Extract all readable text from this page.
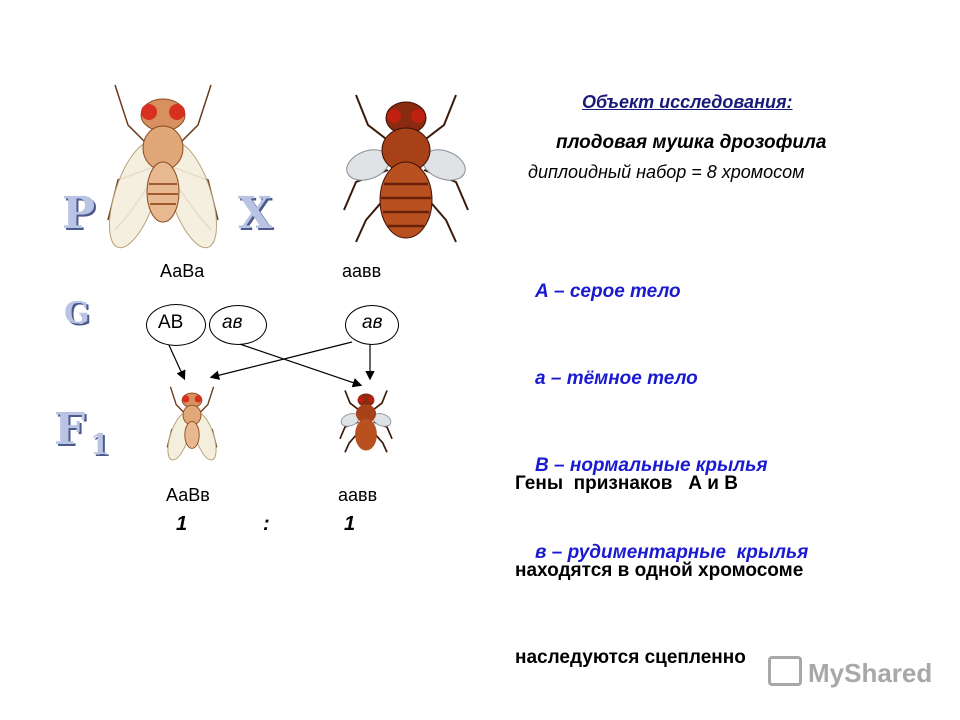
P	X
G
F 1
АаВа	аавв
АВ ав	ав
АаВв	аавв
1	:	1
Объект исследования:
плодовая мушка дрозофила
диплоидный набор = 8 хромосом

А – серое тело

а – тёмное тело

В – нормальные крылья

в – рудиментарные  крылья

Гены  признаков   А и В

находятся в одной хромосоме

наследуются сцепленно

MyShared
